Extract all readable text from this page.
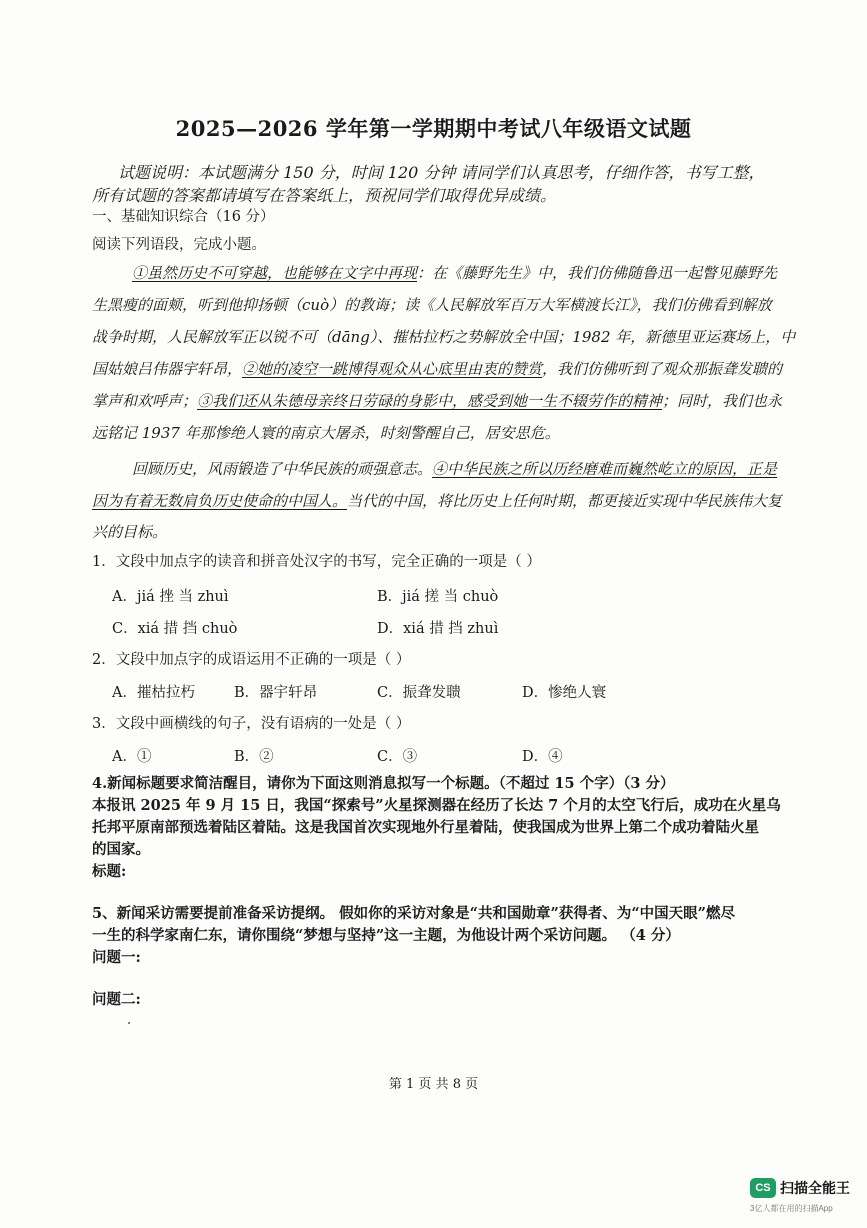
2025—2026 学年第一学期期中考试八年级语文试题
试题说明：本试题满分 150 分，时间 120 分钟 请同学们认真思考，仔细作答，书写工整，
所有试题的答案都请填写在答案纸上，预祝同学们取得优异成绩。
一、基础知识综合（16 分）
阅读下列语段，完成小题。
①虽然历史不可穿越，也能够在文字中再现：在《藤野先生》中，我们仿佛随鲁迅一起瞥见藤野先
生黑瘦的面颊，听到他抑扬顿（cuò）的教诲；读《人民解放军百万大军横渡长江》，我们仿佛看到解放
战争时期，人民解放军正以锐不可（dāng）、摧枯拉朽之势解放全中国；1982 年，新德里亚运赛场上，中
国姑娘吕伟器宇轩昂，②她的凌空一跳博得观众从心底里由衷的赞赏，我们仿佛听到了观众那振聋发聩的
掌声和欢呼声；③我们还从朱德母亲终日劳碌的身影中，感受到她一生不辍劳作的精神；同时，我们也永
远铭记 1937 年那惨绝人寰的南京大屠杀，时刻警醒自己，居安思危。
回顾历史，风雨锻造了中华民族的顽强意志。④中华民族之所以历经磨难而巍然屹立的原因，正是
因为有着无数肩负历史使命的中国人。当代的中国，将比历史上任何时期，都更接近实现中华民族伟大复
兴的目标。
1．文段中加点字的读音和拼音处汉字的书写，完全正确的一项是（ ）
A．jiá 挫 当 zhuì	B．jiá 搓 当 chuò
C．xiá 措 挡 chuò	D．xiá 措 挡 zhuì
2．文段中加点字的成语运用不正确的一项是（ ）
A．摧枯拉朽	B．器宇轩昂	C．振聋发聩	D．惨绝人寰
3．文段中画横线的句子，没有语病的一处是（ ）
A．①	B．②	C．③	D．④
4.新闻标题要求简洁醒目，请你为下面这则消息拟写一个标题。（不超过 15 个字）（3 分）
本报讯 2025 年 9 月 15 日，我国“探索号”火星探测器在经历了长达 7 个月的太空飞行后，成功在火星乌
托邦平原南部预选着陆区着陆。这是我国首次实现地外行星着陆，使我国成为世界上第二个成功着陆火星
的国家。
标题:
5、新闻采访需要提前准备采访提纲。 假如你的采访对象是“共和国勋章”获得者、为“中国天眼”燃尽
一生的科学家南仁东，请你围绕“梦想与坚持”这一主题，为他设计两个采访问题。 （4 分）
问题一:
问题二:
第 1 页 共 8 页
CS 扫描全能王
3亿人都在用的扫描App
